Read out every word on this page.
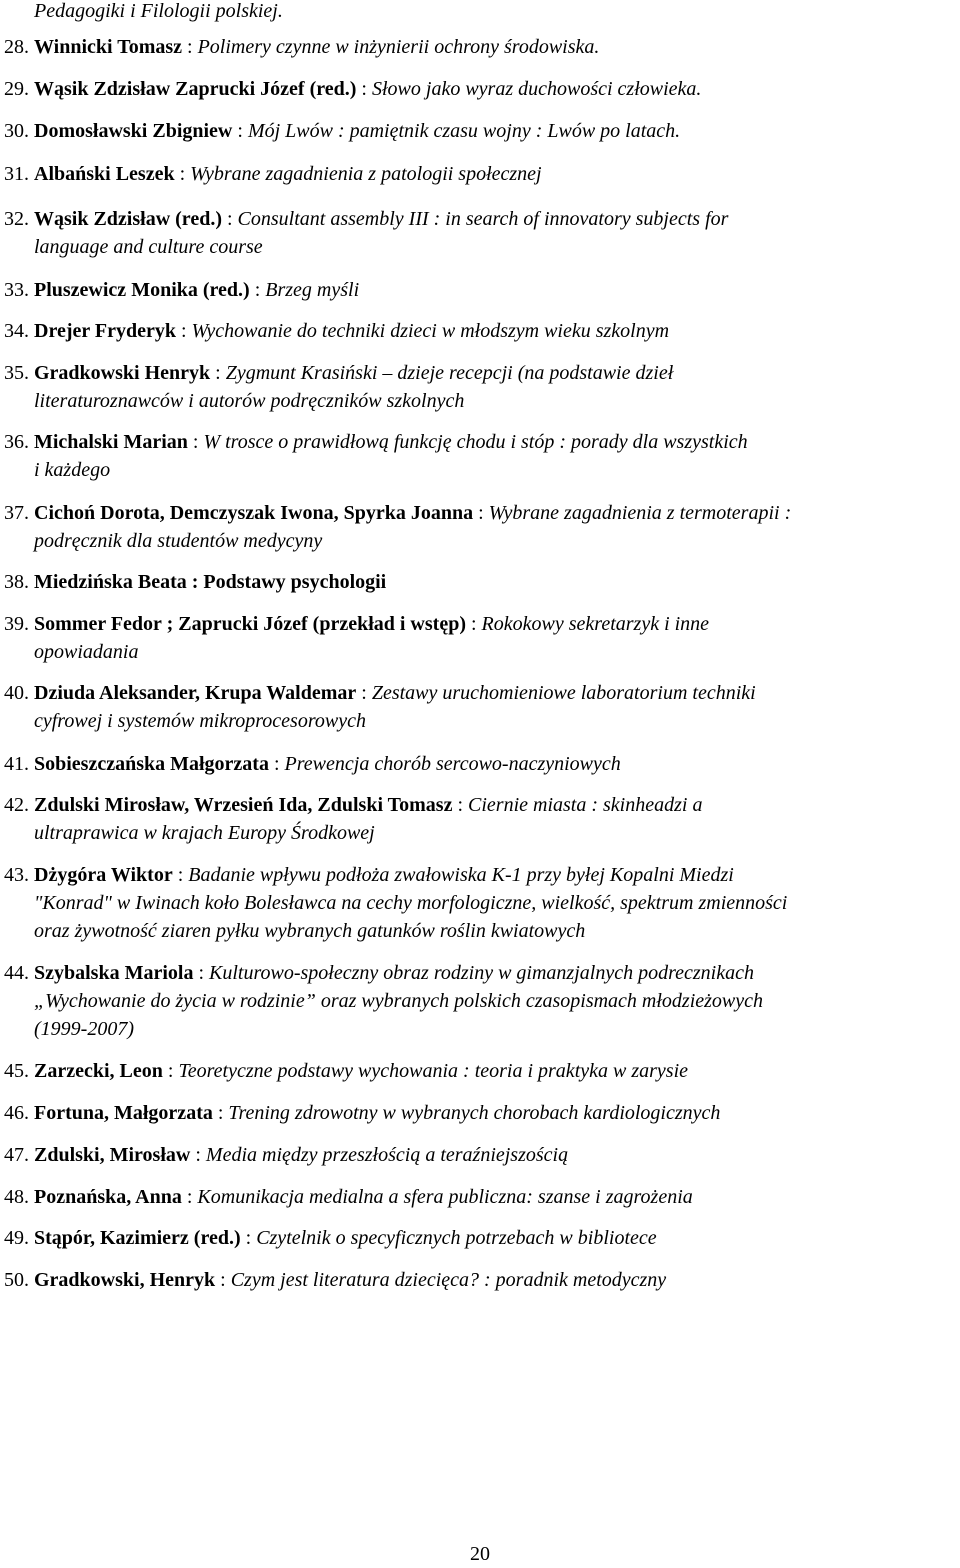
Pedagogiki i Filologii polskiej.
28. Winnicki Tomasz : Polimery czynne w inżynierii ochrony środowiska.
29. Wąsik Zdzisław Zaprucki Józef (red.) : Słowo jako wyraz duchowości człowieka.
30. Domosławski Zbigniew : Mój Lwów : pamiętnik czasu wojny : Lwów po latach.
31. Albański Leszek : Wybrane zagadnienia z patologii społecznej
32. Wąsik Zdzisław (red.) : Consultant assembly III : in search of innovatory subjects for
language and culture course
33. Pluszewicz Monika (red.) : Brzeg myśli
34. Drejer Fryderyk : Wychowanie do techniki dzieci w młodszym wieku szkolnym
35. Gradkowski Henryk : Zygmunt Krasiński – dzieje recepcji (na podstawie dzieł
literaturoznawców i autorów podręczników szkolnych
36. Michalski Marian : W trosce o prawidłową funkcję chodu i stóp : porady dla wszystkich
i każdego
37. Cichoń Dorota, Demczyszak Iwona, Spyrka Joanna : Wybrane zagadnienia z termoterapii :
podręcznik dla studentów medycyny
38. Miedzińska Beata : Podstawy psychologii
39. Sommer Fedor ; Zaprucki Józef (przekład i wstęp) : Rokokowy sekretarzyk i inne
opowiadania
40. Dziuda Aleksander, Krupa Waldemar : Zestawy uruchomieniowe laboratorium techniki
cyfrowej i systemów mikroprocesorowych
41. Sobieszczańska Małgorzata : Prewencja chorób sercowo-naczyniowych
42. Zdulski Mirosław, Wrzesień Ida, Zdulski Tomasz : Ciernie miasta : skinheadzi a
ultraprawica w krajach Europy Środkowej
43. Dżygóra Wiktor : Badanie wpływu podłoża zwałowiska K-1 przy byłej Kopalni Miedzi
"Konrad" w Iwinach koło Bolesławca na cechy morfologiczne, wielkość, spektrum zmienności
oraz żywotność ziaren pyłku wybranych gatunków roślin kwiatowych
44. Szybalska Mariola : Kulturowo-społeczny obraz rodziny w gimanzjalnych podrecznikach
„Wychowanie do życia w rodzinie” oraz wybranych polskich czasopismach młodzieżowych
(1999-2007)
45. Zarzecki, Leon : Teoretyczne podstawy wychowania : teoria i praktyka w zarysie
46. Fortuna, Małgorzata : Trening zdrowotny w wybranych chorobach kardiologicznych
47. Zdulski, Mirosław : Media między przeszłością a teraźniejszością
48. Poznańska, Anna : Komunikacja medialna a sfera publiczna: szanse i zagrożenia
49. Stąpór, Kazimierz (red.) : Czytelnik o specyficznych potrzebach w bibliotece
50. Gradkowski, Henryk : Czym jest literatura dziecięca? : poradnik metodyczny
20
